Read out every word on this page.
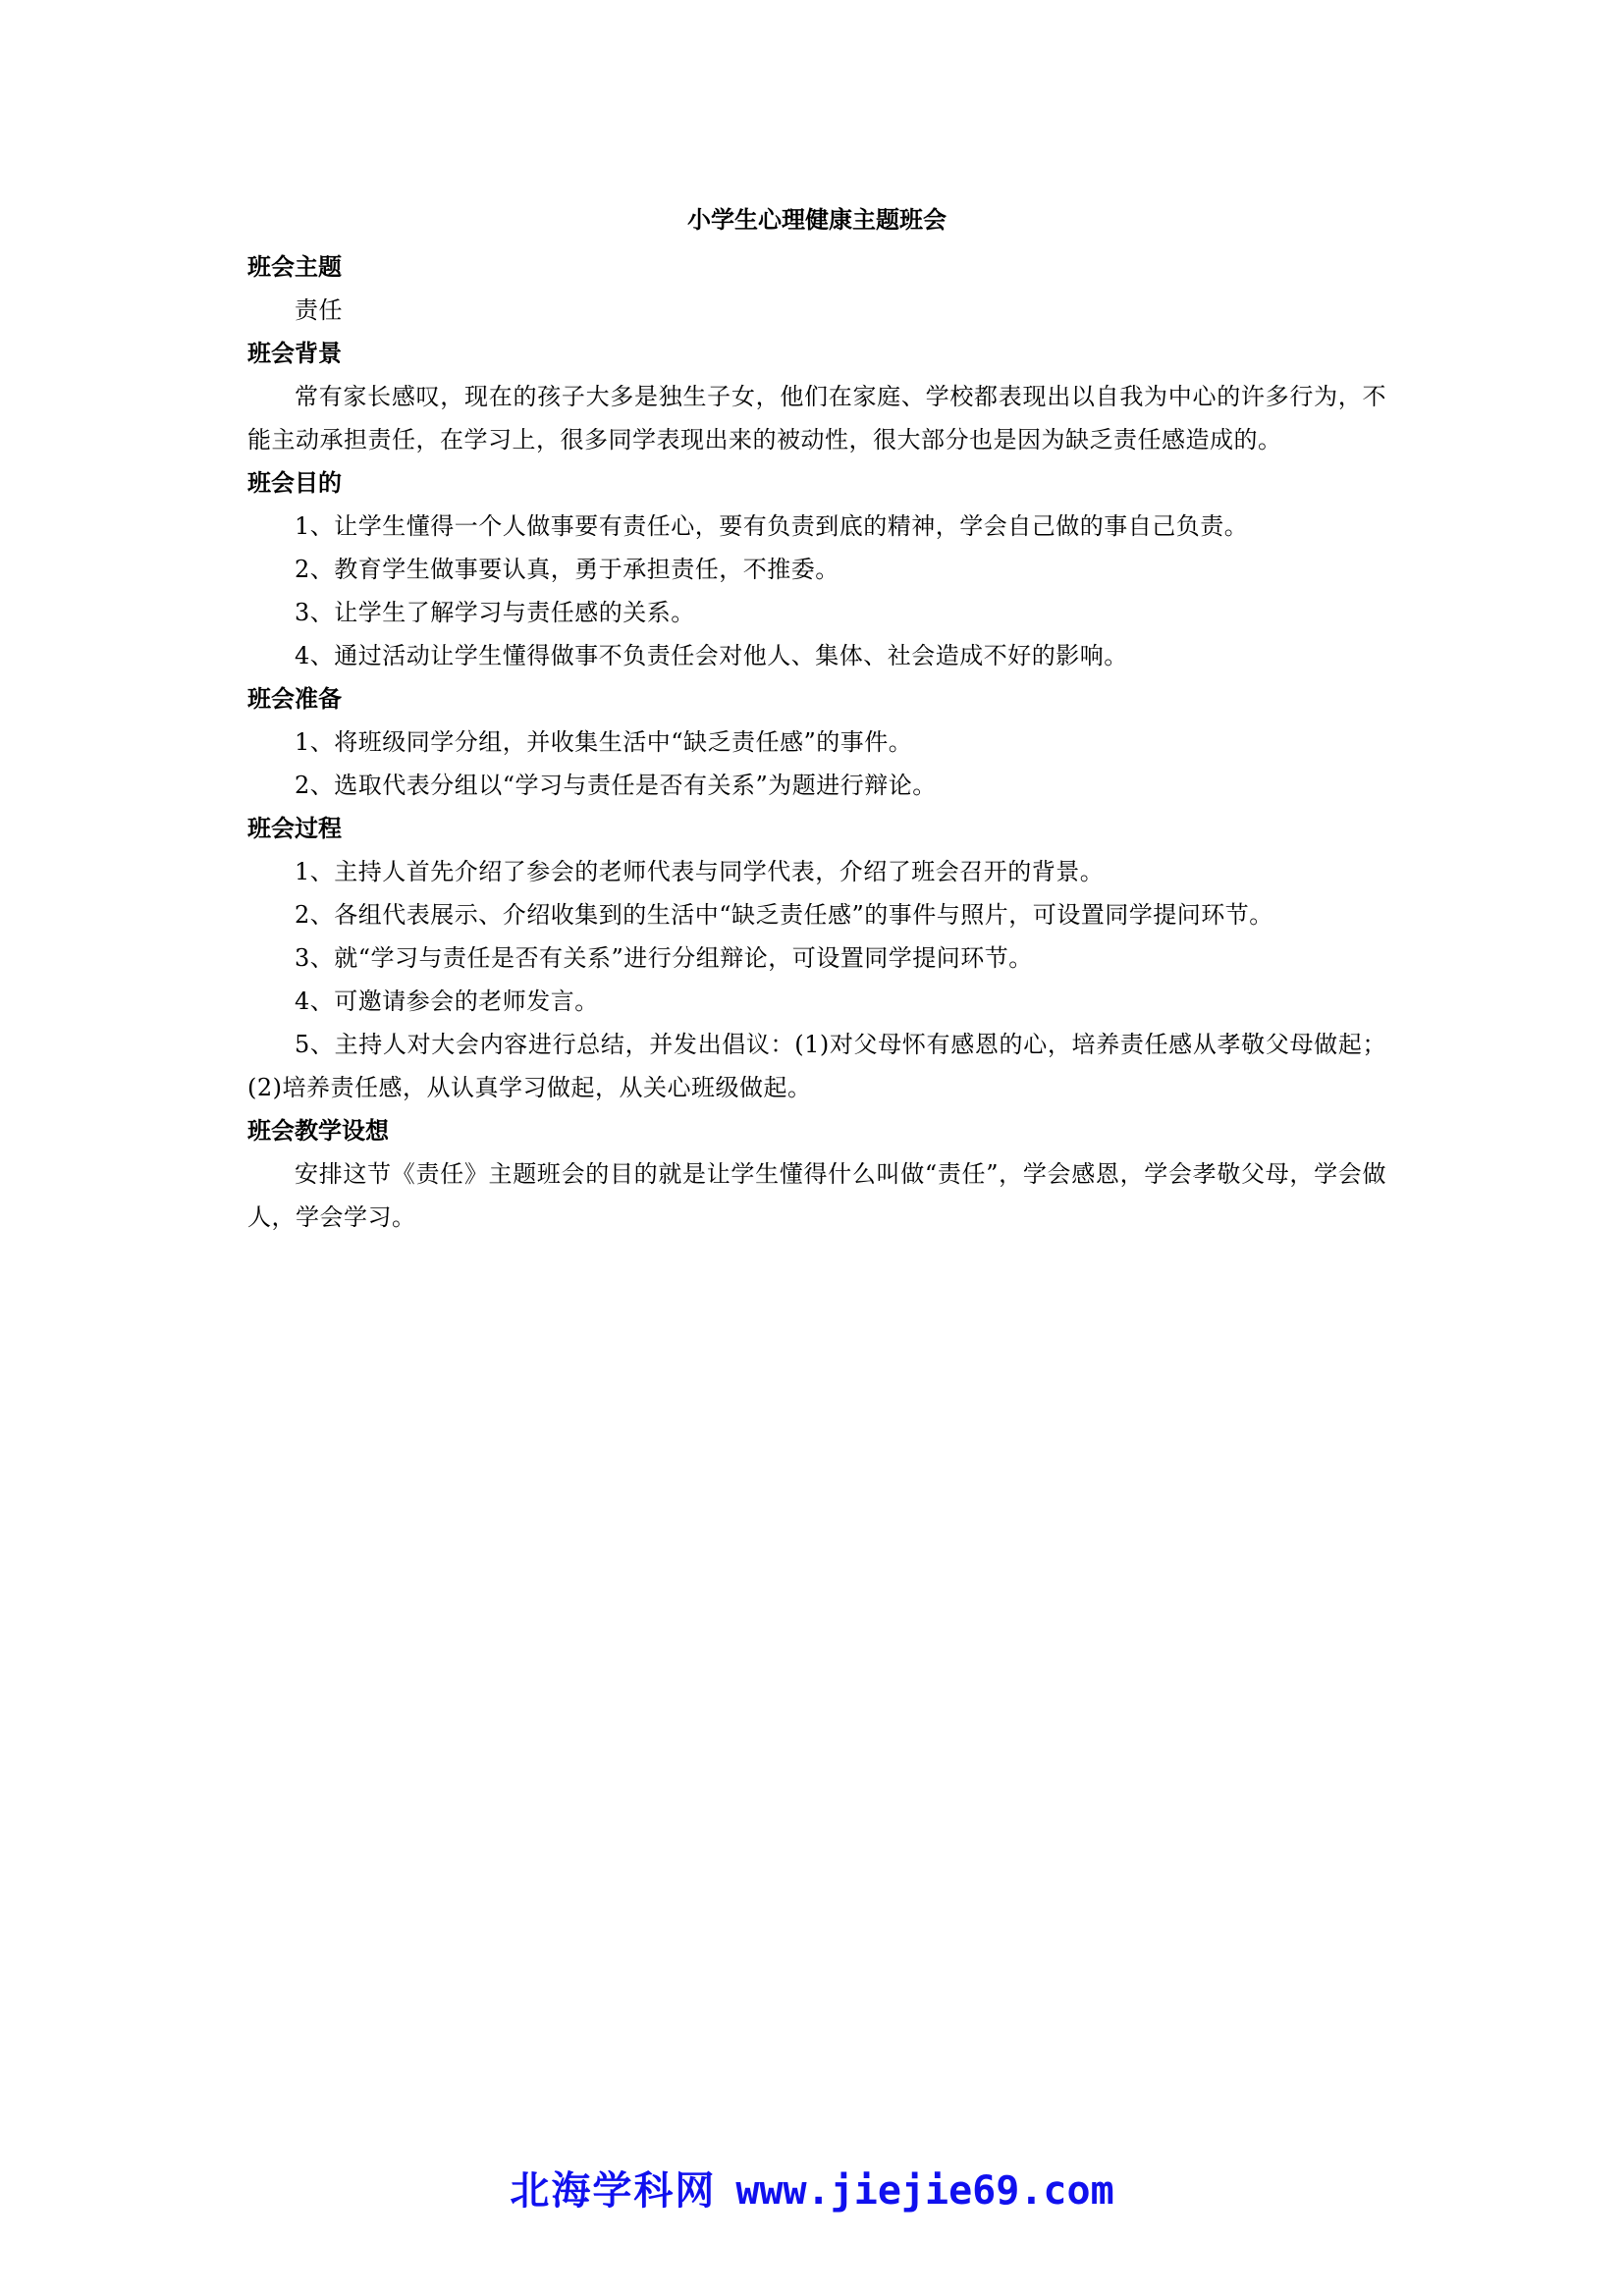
小学生心理健康主题班会

班会主题

责任

班会背景

常有家长感叹，现在的孩子大多是独生子女，他们在家庭、学校都表现出以自我为中心的许多行为，不能主动承担责任，在学习上，很多同学表现出来的被动性，很大部分也是因为缺乏责任感造成的。

班会目的

1、让学生懂得一个人做事要有责任心，要有负责到底的精神，学会自己做的事自己负责。

2、教育学生做事要认真，勇于承担责任，不推委。

3、让学生了解学习与责任感的关系。

4、通过活动让学生懂得做事不负责任会对他人、集体、社会造成不好的影响。

班会准备

1、将班级同学分组，并收集生活中“缺乏责任感”的事件。

2、选取代表分组以“学习与责任是否有关系”为题进行辩论。

班会过程

1、主持人首先介绍了参会的老师代表与同学代表，介绍了班会召开的背景。

2、各组代表展示、介绍收集到的生活中“缺乏责任感”的事件与照片，可设置同学提问环节。

3、就“学习与责任是否有关系”进行分组辩论，可设置同学提问环节。

4、可邀请参会的老师发言。

5、主持人对大会内容进行总结，并发出倡议：(1)对父母怀有感恩的心，培养责任感从孝敬父母做起； (2)培养责任感，从认真学习做起，从关心班级做起。

班会教学设想

安排这节《责任》主题班会的目的就是让学生懂得什么叫做“责任”，学会感恩，学会孝敬父母，学会做人，学会学习。

北海学科网 www.jiejie69.com
